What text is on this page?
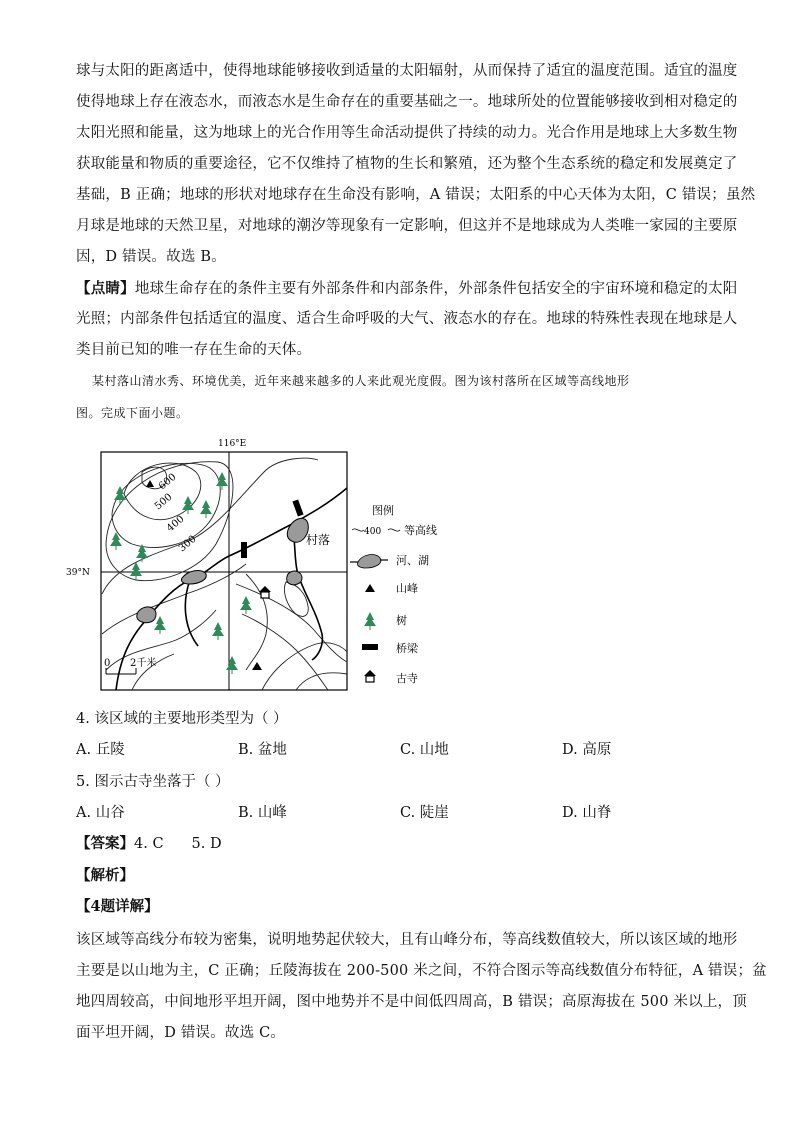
球与太阳的距离适中，使得地球能够接收到适量的太阳辐射，从而保持了适宜的温度范围。适宜的温度
使得地球上存在液态水，而液态水是生命存在的重要基础之一。地球所处的位置能够接收到相对稳定的
太阳光照和能量，这为地球上的光合作用等生命活动提供了持续的动力。光合作用是地球上大多数生物
获取能量和物质的重要途径，它不仅维持了植物的生长和繁殖，还为整个生态系统的稳定和发展奠定了
基础，B 正确；地球的形状对地球存在生命没有影响，A 错误；太阳系的中心天体为太阳，C 错误；虽然
月球是地球的天然卫星，对地球的潮汐等现象有一定影响，但这并不是地球成为人类唯一家园的主要原
因，D 错误。故选 B。
【点睛】地球生命存在的条件主要有外部条件和内部条件，外部条件包括安全的宇宙环境和稳定的太阳
光照；内部条件包括适宜的温度、适合生命呼吸的大气、液态水的存在。地球的特殊性表现在地球是人
类目前已知的唯一存在生命的天体。
某村落山清水秀、环境优美，近年来越来越多的人来此观光度假。图为该村落所在区域等高线地形
图。完成下面小题。
116°E
39°N
600
500
400
300	村落
0 2千米
图例
400 等高线
河、湖
山峰
树
桥梁
古寺
4. 该区域的主要地形类型为（ ）
A. 丘陵	B. 盆地	C. 山地	D. 高原
5. 图示古寺坐落于（ ）
A. 山谷	B. 山峰	C. 陡崖	D. 山脊
【答案】4. C 5. D
【解析】
【4题详解】
该区域等高线分布较为密集，说明地势起伏较大，且有山峰分布，等高线数值较大，所以该区域的地形
主要是以山地为主，C 正确；丘陵海拔在 200-500 米之间，不符合图示等高线数值分布特征，A 错误；盆
地四周较高，中间地形平坦开阔，图中地势并不是中间低四周高，B 错误；高原海拔在 500 米以上，顶
面平坦开阔，D 错误。故选 C。
